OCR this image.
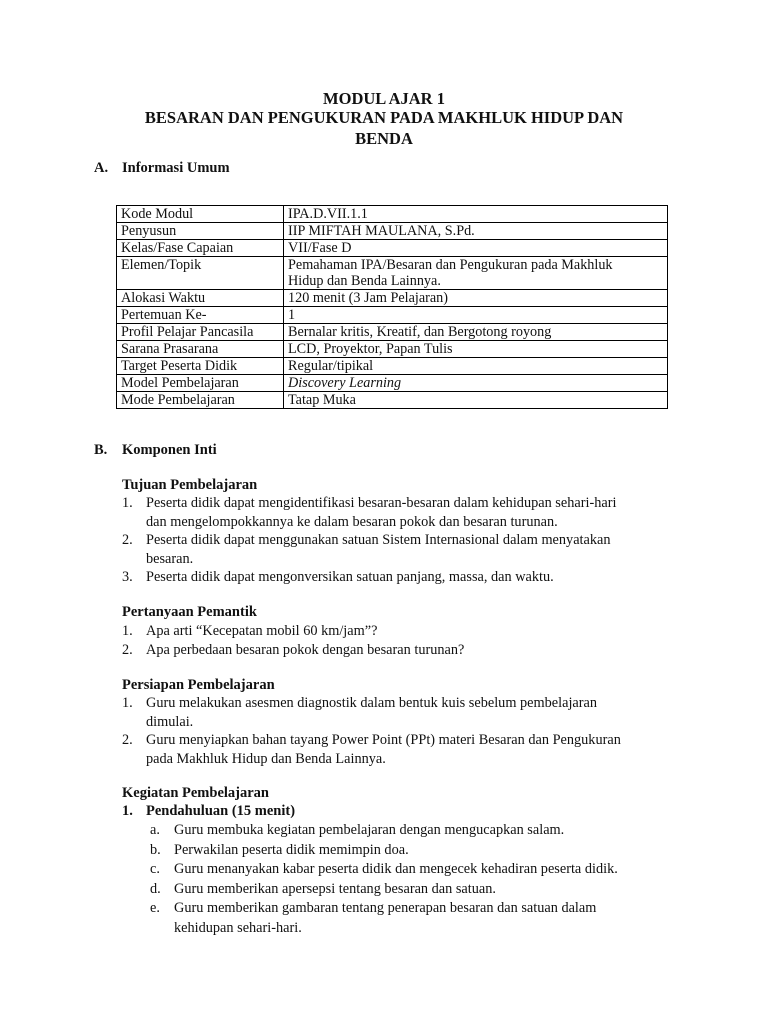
MODUL AJAR 1
BESARAN DAN PENGUKURAN PADA MAKHLUK HIDUP DAN
BENDA
A. Informasi Umum
Kode Modul	IPA.D.VII.1.1
Penyusun	IIP MIFTAH MAULANA, S.Pd.
Kelas/Fase Capaian	VII/Fase D
Elemen/Topik	Pemahaman IPA/Besaran dan Pengukuran pada Makhluk
Hidup dan Benda Lainnya.

Alokasi Waktu	120 menit (3 Jam Pelajaran)
Pertemuan Ke-	1
Profil Pelajar Pancasila	Bernalar kritis, Kreatif, dan Bergotong royong
Sarana Prasarana	LCD, Proyektor, Papan Tulis
Target Peserta Didik	Regular/tipikal
Model Pembelajaran	Discovery Learning
Mode Pembelajaran	Tatap Muka
B. Komponen Inti
Tujuan Pembelajaran
1. Peserta didik dapat mengidentifikasi besaran-besaran dalam kehidupan sehari-hari
dan mengelompokkannya ke dalam besaran pokok dan besaran turunan.
2. Peserta didik dapat menggunakan satuan Sistem Internasional dalam menyatakan
besaran.
3. Peserta didik dapat mengonversikan satuan panjang, massa, dan waktu.
Pertanyaan Pemantik
1. Apa arti “Kecepatan mobil 60 km/jam”?
2. Apa perbedaan besaran pokok dengan besaran turunan?
Persiapan Pembelajaran
1. Guru melakukan asesmen diagnostik dalam bentuk kuis sebelum pembelajaran
dimulai.
2. Guru menyiapkan bahan tayang Power Point (PPt) materi Besaran dan Pengukuran
pada Makhluk Hidup dan Benda Lainnya.
Kegiatan Pembelajaran
1. Pendahuluan (15 menit)
a. Guru membuka kegiatan pembelajaran dengan mengucapkan salam.
b. Perwakilan peserta didik memimpin doa.
c. Guru menanyakan kabar peserta didik dan mengecek kehadiran peserta didik.
d. Guru memberikan apersepsi tentang besaran dan satuan.
e. Guru memberikan gambaran tentang penerapan besaran dan satuan dalam
kehidupan sehari-hari.
